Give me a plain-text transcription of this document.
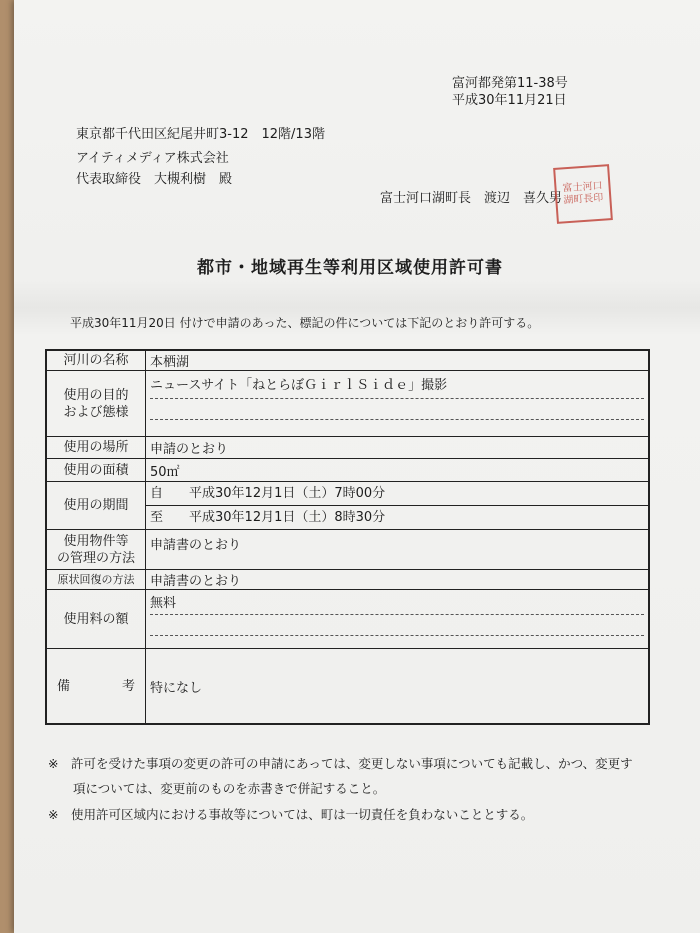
富河都発第11-38号
平成30年11月21日
東京都千代田区紀尾井町3-12　12階/13階
アイティメディア株式会社
代表取締役　大槻利樹　殿
富士河口湖町長　渡辺　喜久男
富士河口湖町長印
都市・地域再生等利用区域使用許可書
平成30年11月20日 付けで申請のあった、標記の件については下記のとおり許可する。
河川の名称	本栖湖

使用の目的
および態様	ニュースサイト「ねとらぼＧｉｒｌＳｉｄｅ」撮影

使用の場所	申請のとおり
使用の面積	50㎡
使用の期間	自　　平成30年12月1日（土）7時00分
至　　平成30年12月1日（土）8時30分

使用物件等
の管理の方法	申請書のとおり
原状回復の方法	申請書のとおり
使用料の額	無料

備　　　　考	特になし
※　許可を受けた事項の変更の許可の申請にあっては、変更しない事項についても記載し、かつ、変更す
　　項については、変更前のものを赤書きで併記すること。
※　使用許可区域内における事故等については、町は一切責任を負わないこととする。
